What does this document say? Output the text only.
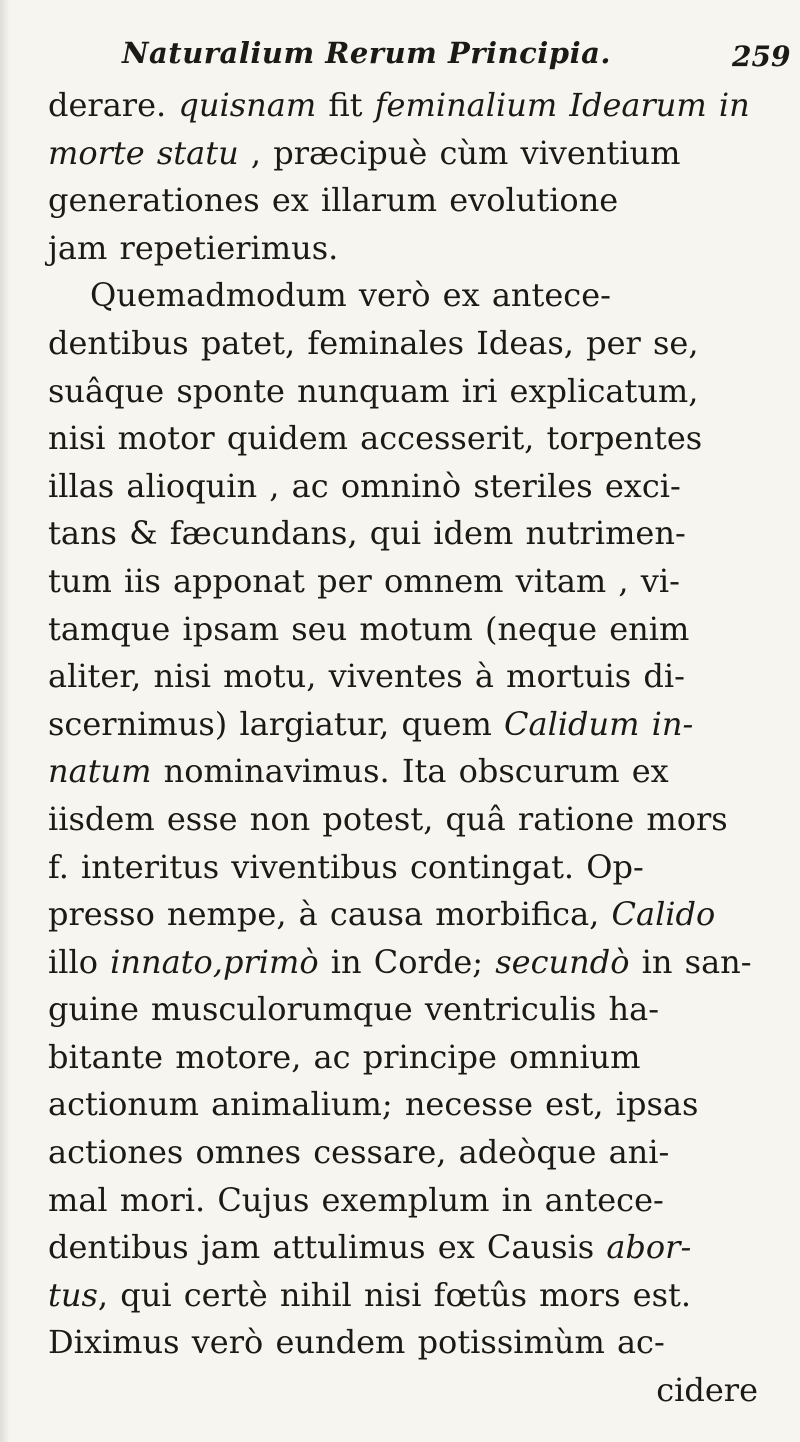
Naturalium Rerum Principia.	259
derare. quisnam fit feminalium Idearum in
morte statu , præcipuè cùm viventium
generationes ex illarum evolutione
jam repetierimus.
Quemadmodum verò ex antece-
dentibus patet, feminales Ideas, per se,
suâque sponte nunquam iri explicatum,
nisi motor quidem accesserit, torpentes
illas alioquin , ac omninò steriles exci-
tans & fæcundans, qui idem nutrimen-
tum iis apponat per omnem vitam , vi-
tamque ipsam seu motum (neque enim
aliter, nisi motu, viventes à mortuis di-
scernimus) largiatur, quem Calidum in-
natum nominavimus. Ita obscurum ex
iisdem esse non potest, quâ ratione mors
f. interitus viventibus contingat. Op-
presso nempe, à causa morbifica, Calido
illo innato,primò in Corde; secundò in san-
guine musculorumque ventriculis ha-
bitante motore, ac principe omnium
actionum animalium; necesse est, ipsas
actiones omnes cessare, adeòque ani-
mal mori. Cujus exemplum in antece-
dentibus jam attulimus ex Causis abor-
tus, qui certè nihil nisi fœtûs mors est.
Diximus verò eundem potissimùm ac-
cidere
